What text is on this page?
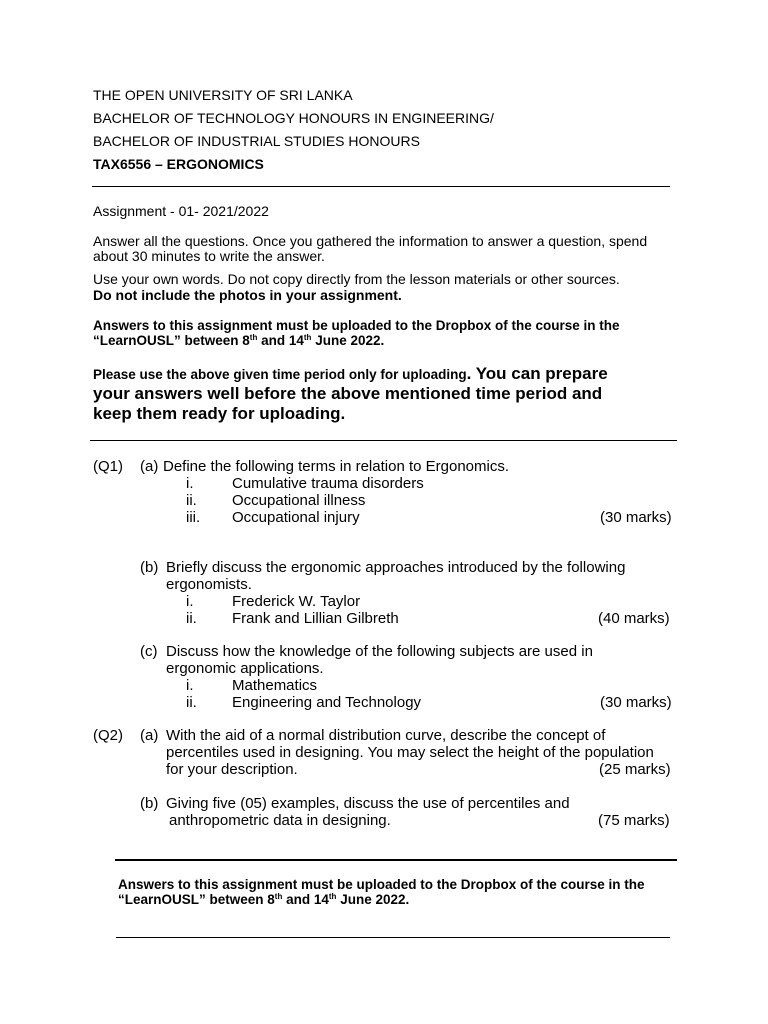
THE OPEN UNIVERSITY OF SRI LANKA
BACHELOR OF TECHNOLOGY HONOURS IN ENGINEERING/
BACHELOR OF INDUSTRIAL STUDIES HONOURS
TAX6556 – ERGONOMICS
Assignment - 01- 2021/2022
Answer all the questions. Once you gathered the information to answer a question, spend
about 30 minutes to write the answer.
Use your own words. Do not copy directly from the lesson materials or other sources.
Do not include the photos in your assignment.
Answers to this assignment must be uploaded to the Dropbox of the course in the
“LearnOUSL” between 8th and 14th June 2022.
Please use the above given time period only for uploading. You can prepare
your answers well before the above mentioned time period and
keep them ready for uploading.
(Q1) (a) Define the following terms in relation to Ergonomics.
i.	Cumulative trauma disorders
ii. Occupational illness
iii. Occupational injury	(30 marks)
(b) Briefly discuss the ergonomic approaches introduced by the following
ergonomists.
i.	Frederick W. Taylor
ii. Frank and Lillian Gilbreth	(40 marks)
(c) Discuss how the knowledge of the following subjects are used in
ergonomic applications.
i.	Mathematics
ii. Engineering and Technology	(30 marks)
(Q2) (a) With the aid of a normal distribution curve, describe the concept of
percentiles used in designing. You may select the height of the population
for your description.	(25 marks)
(b) Giving five (05) examples, discuss the use of percentiles and
anthropometric data in designing.	(75 marks)
Answers to this assignment must be uploaded to the Dropbox of the course in the
“LearnOUSL” between 8th and 14th June 2022.
